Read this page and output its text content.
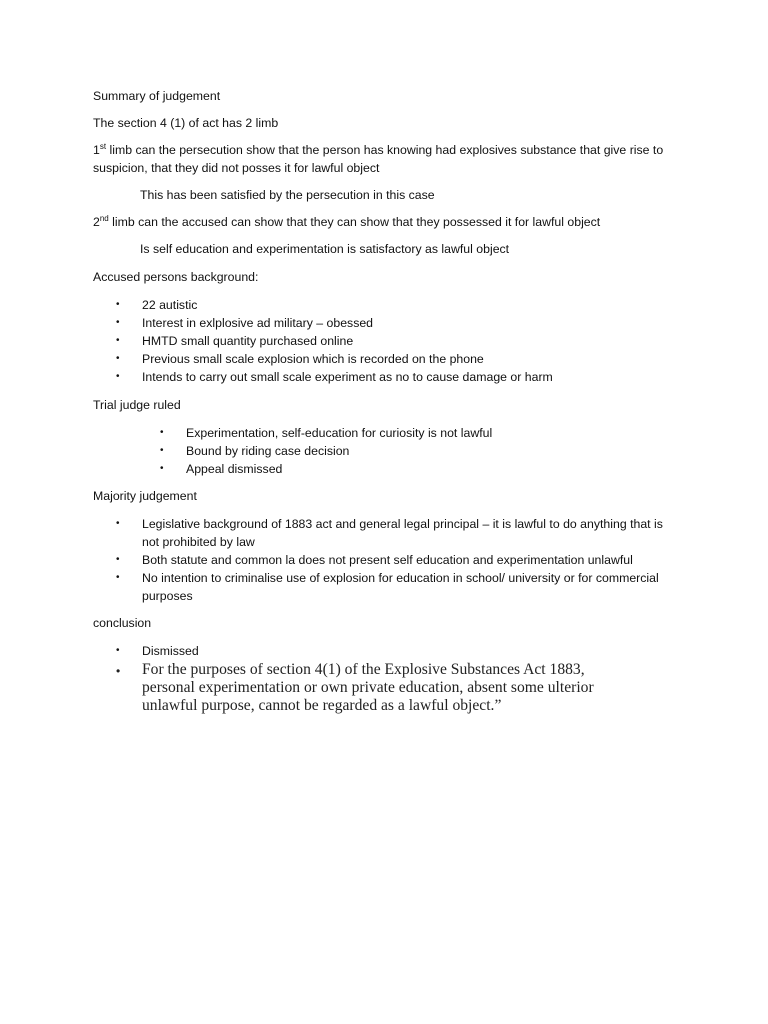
Summary of judgement

The section 4 (1) of act has 2 limb

1st limb can the persecution show that the person has knowing had explosives substance that give rise to suspicion, that they did not posses it for lawful object

This has been satisfied by the persecution in this case

2nd limb can the accused can show that they can show that they possessed it for lawful object

Is self education and experimentation is satisfactory as lawful object

Accused persons background:

• 22 autistic
• Interest in exlplosive ad military – obessed
• HMTD small quantity purchased online
• Previous small scale explosion which is recorded on the phone
• Intends to carry out small scale experiment as no to cause damage or harm

Trial judge ruled

• Experimentation, self-education for curiosity is not lawful
• Bound by riding case decision
• Appeal dismissed

Majority judgement

• Legislative background of 1883 act and general legal principal – it is lawful to do anything that is not prohibited by law
• Both statute and common la does not present self education and experimentation unlawful
• No intention to criminalise use of explosion for education in school/ university or for commercial purposes

conclusion

• Dismissed
• For the purposes of section 4(1) of the Explosive Substances Act 1883, personal experimentation or own private education, absent some ulterior unlawful purpose, cannot be regarded as a lawful object.”
